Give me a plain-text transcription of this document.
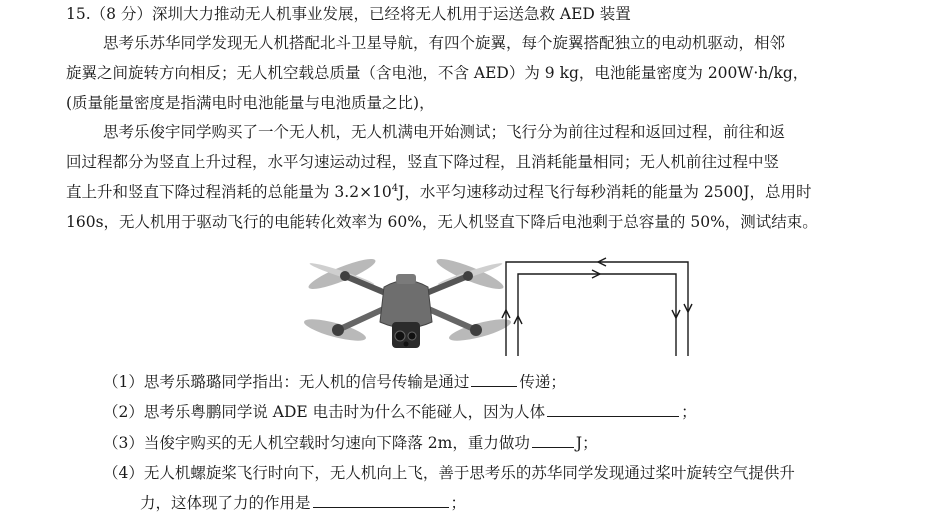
15.（8 分）深圳大力推动无人机事业发展，已经将无人机用于运送急救 AED 装置
思考乐苏华同学发现无人机搭配北斗卫星导航，有四个旋翼，每个旋翼搭配独立的电动机驱动，相邻
旋翼之间旋转方向相反；无人机空载总质量（含电池，不含 AED）为 9 kg，电池能量密度为 200W·h/kg，
(质量能量密度是指满电时电池能量与电池质量之比)，
思考乐俊宇同学购买了一个无人机，无人机满电开始测试；飞行分为前往过程和返回过程，前往和返
回过程都分为竖直上升过程，水平匀速运动过程，竖直下降过程，且消耗能量相同；无人机前往过程中竖
直上升和竖直下降过程消耗的总能量为 $3.2\times 10^4J$，水平匀速移动过程飞行每秒消耗的能量为 2500J，总用时
160s，无人机用于驱动飞行的电能转化效率为 60%，无人机竖直下降后电池剩于总容量的 50%，测试结束。
（1）思考乐璐璐同学指出：无人机的信号传输是通过	传递；
（2）思考乐粤鹏同学说 ADE 电击时为什么不能碰人，因为人体	；
（3）当俊宇购买的无人机空载时匀速向下降落 2m，重力做功	J；
（4）无人机螺旋桨飞行时向下，无人机向上飞，善于思考乐的苏华同学发现通过桨叶旋转空气提供升
力，这体现了力的作用是	；
